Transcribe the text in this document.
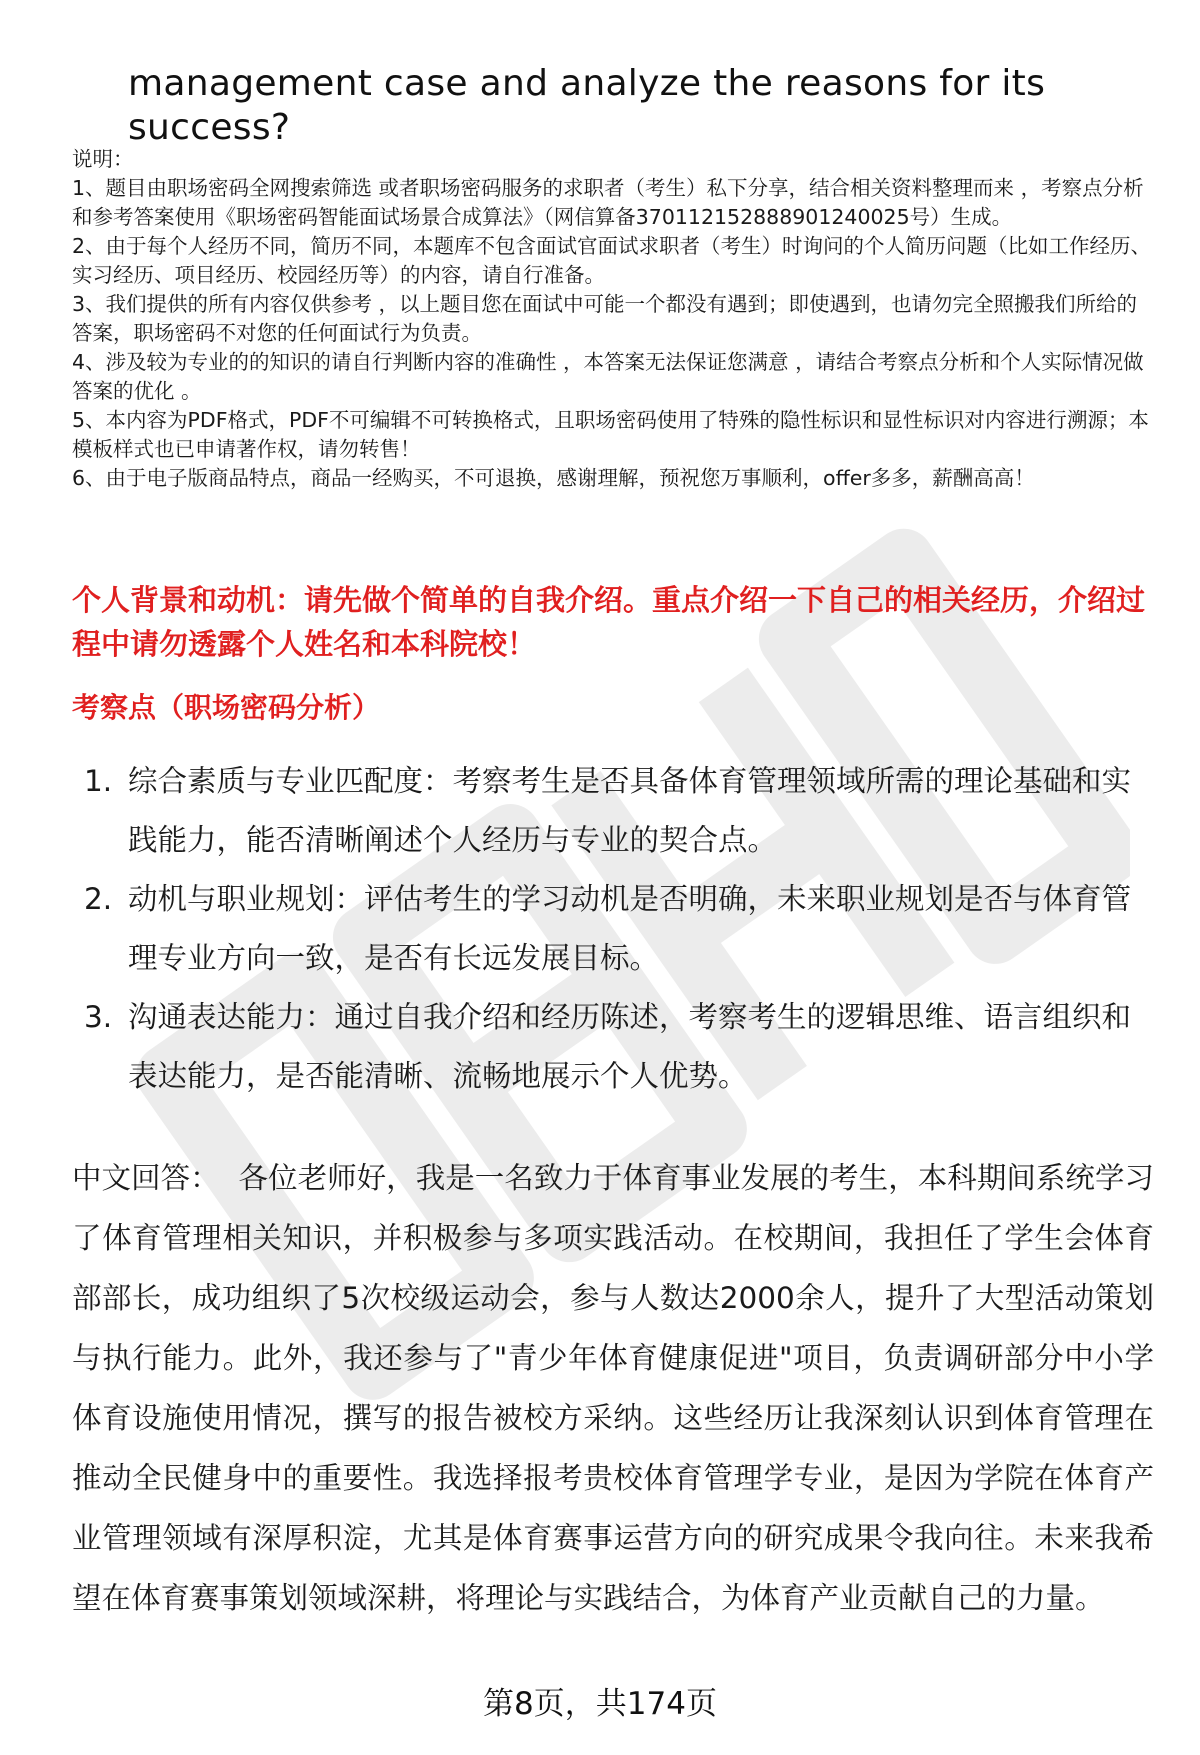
management case and analyze the reasons for its success?

说明：

1、题目由职场密码全网搜索筛选 或者职场密码服务的求职者（考生）私下分享，结合相关资料整理而来 ，考察点分析和参考答案使用《职场密码智能面试场景合成算法》（网信算备370112152888901240025号）生成。

2、由于每个人经历不同，简历不同，本题库不包含面试官面试求职者（考生）时询问的个人简历问题（比如工作经历、实习经历、项目经历、校园经历等）的内容，请自行准备。

3、我们提供的所有内容仅供参考 ，以上题目您在面试中可能一个都没有遇到；即使遇到，也请勿完全照搬我们所给的答案，职场密码不对您的任何面试行为负责。

4、涉及较为专业的的知识的请自行判断内容的准确性 ，本答案无法保证您满意 ，请结合考察点分析和个人实际情况做答案的优化 。

5、本内容为PDF格式，PDF不可编辑不可转换格式，且职场密码使用了特殊的隐性标识和显性标识对内容进行溯源；本模板样式也已申请著作权，请勿转售！

6、由于电子版商品特点，商品一经购买，不可退换，感谢理解，预祝您万事顺利，offer多多，薪酬高高！

个人背景和动机：请先做个简单的自我介绍。重点介绍一下自己的相关经历，介绍过程中请勿透露个人姓名和本科院校！
考察点（职场密码分析）
1. 综合素质与专业匹配度：考察考生是否具备体育管理领域所需的理论基础和实践能力，能否清晰阐述个人经历与专业的契合点。
2. 动机与职业规划：评估考生的学习动机是否明确，未来职业规划是否与体育管理专业方向一致，是否有长远发展目标。
3. 沟通表达能力：通过自我介绍和经历陈述，考察考生的逻辑思维、语言组织和表达能力，是否能清晰、流畅地展示个人优势。

中文回答： 各位老师好，我是一名致力于体育事业发展的考生，本科期间系统学习了体育管理相关知识，并积极参与多项实践活动。在校期间，我担任了学生会体育部部长，成功组织了5次校级运动会，参与人数达2000余人，提升了大型活动策划与执行能力。此外，我还参与了"青少年体育健康促进"项目，负责调研部分中小学体育设施使用情况，撰写的报告被校方采纳。这些经历让我深刻认识到体育管理在推动全民健身中的重要性。我选择报考贵校体育管理学专业，是因为学院在体育产业管理领域有深厚积淀，尤其是体育赛事运营方向的研究成果令我向往。未来我希望在体育赛事策划领域深耕，将理论与实践结合，为体育产业贡献自己的力量。

第8页，共174页
